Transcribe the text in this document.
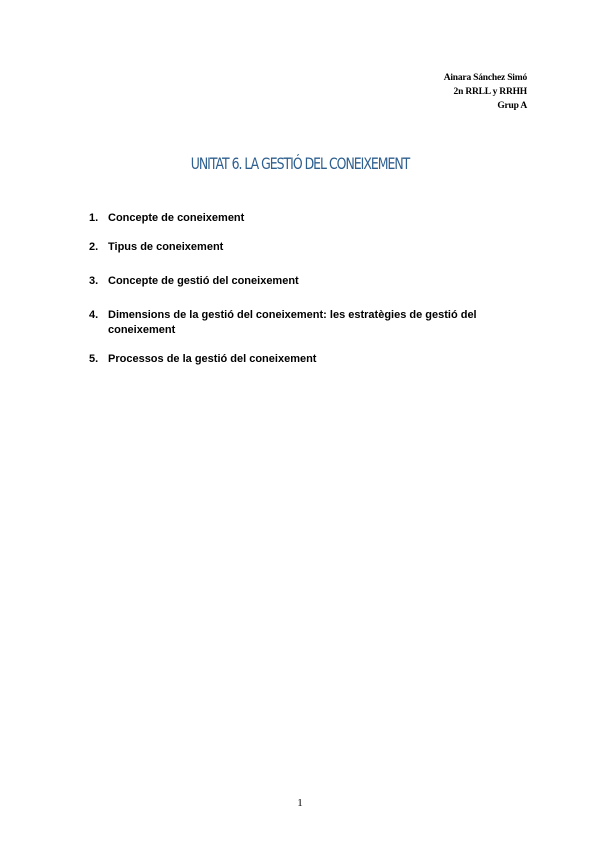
Ainara Sánchez Simó
2n RRLL y RRHH
Grup A
UNITAT 6. LA GESTIÓ DEL CONEIXEMENT
1. Concepte de coneixement
2. Tipus de coneixement
3. Concepte de gestió del coneixement
4. Dimensions de la gestió del coneixement: les estratègies de gestió del coneixement
5. Processos de la gestió del coneixement
1
